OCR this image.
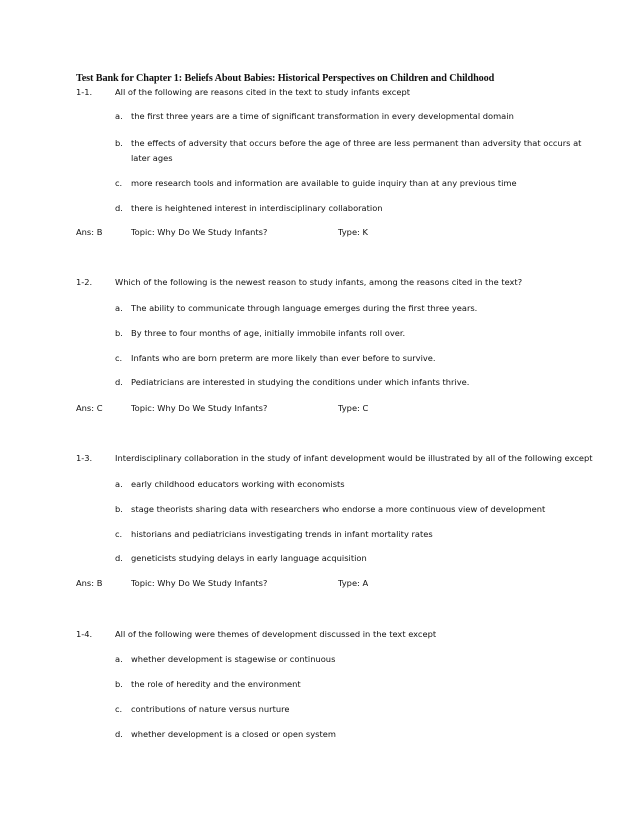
Test Bank for Chapter 1: Beliefs About Babies: Historical Perspectives on Children and Childhood
1-1.	All of the following are reasons cited in the text to study infants except
a. the first three years are a time of significant transformation in every developmental domain
b. the effects of adversity that occurs before the age of three are less permanent than adversity that occurs at
later ages
c. more research tools and information are available to guide inquiry than at any previous time
d. there is heightened interest in interdisciplinary collaboration
Ans: B	Topic: Why Do We Study Infants?	Type: K
1-2.	Which of the following is the newest reason to study infants, among the reasons cited in the text?
a. The ability to communicate through language emerges during the first three years.
b. By three to four months of age, initially immobile infants roll over.
c. Infants who are born preterm are more likely than ever before to survive.
d. Pediatricians are interested in studying the conditions under which infants thrive.
Ans: C	Topic: Why Do We Study Infants?	Type: C
1-3.	Interdisciplinary collaboration in the study of infant development would be illustrated by all of the following except
a. early childhood educators working with economists
b. stage theorists sharing data with researchers who endorse a more continuous view of development
c. historians and pediatricians investigating trends in infant mortality rates
d. geneticists studying delays in early language acquisition
Ans: B	Topic: Why Do We Study Infants?	Type: A
1-4.	All of the following were themes of development discussed in the text except
a. whether development is stagewise or continuous
b. the role of heredity and the environment
c. contributions of nature versus nurture
d. whether development is a closed or open system
